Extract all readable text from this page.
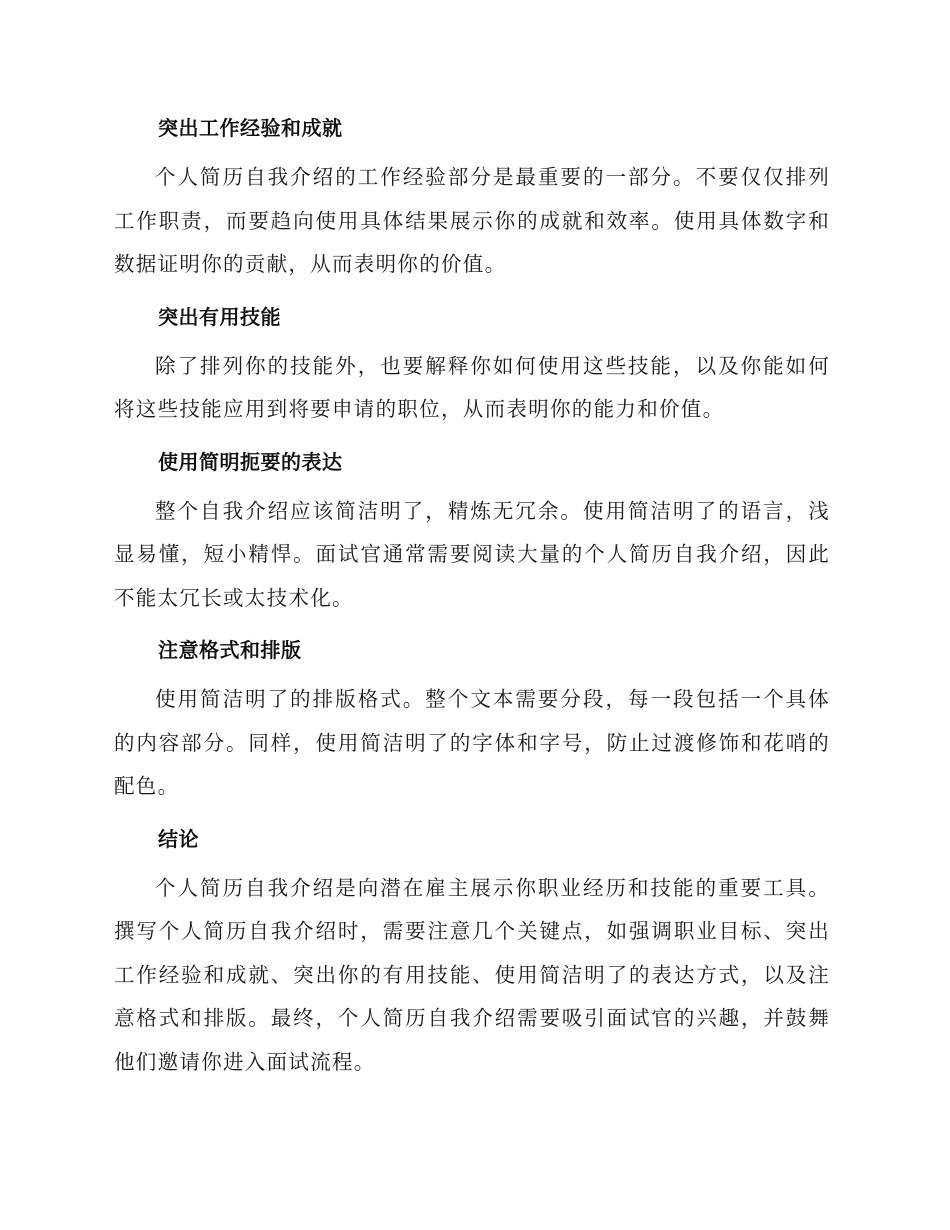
突出工作经验和成就

个人简历自我介绍的工作经验部分是最重要的一部分。不要仅仅排列工作职责，而要趋向使用具体结果展示你的成就和效率。使用具体数字和数据证明你的贡献，从而表明你的价值。

突出有用技能

除了排列你的技能外，也要解释你如何使用这些技能，以及你能如何将这些技能应用到将要申请的职位，从而表明你的能力和价值。

使用简明扼要的表达

整个自我介绍应该简洁明了，精炼无冗余。使用简洁明了的语言，浅显易懂，短小精悍。面试官通常需要阅读大量的个人简历自我介绍，因此不能太冗长或太技术化。

注意格式和排版

使用简洁明了的排版格式。整个文本需要分段，每一段包括一个具体的内容部分。同样，使用简洁明了的字体和字号，防止过渡修饰和花哨的配色。

结论

个人简历自我介绍是向潜在雇主展示你职业经历和技能的重要工具。撰写个人简历自我介绍时，需要注意几个关键点，如强调职业目标、突出工作经验和成就、突出你的有用技能、使用简洁明了的表达方式，以及注意格式和排版。最终，个人简历自我介绍需要吸引面试官的兴趣，并鼓舞他们邀请你进入面试流程。
